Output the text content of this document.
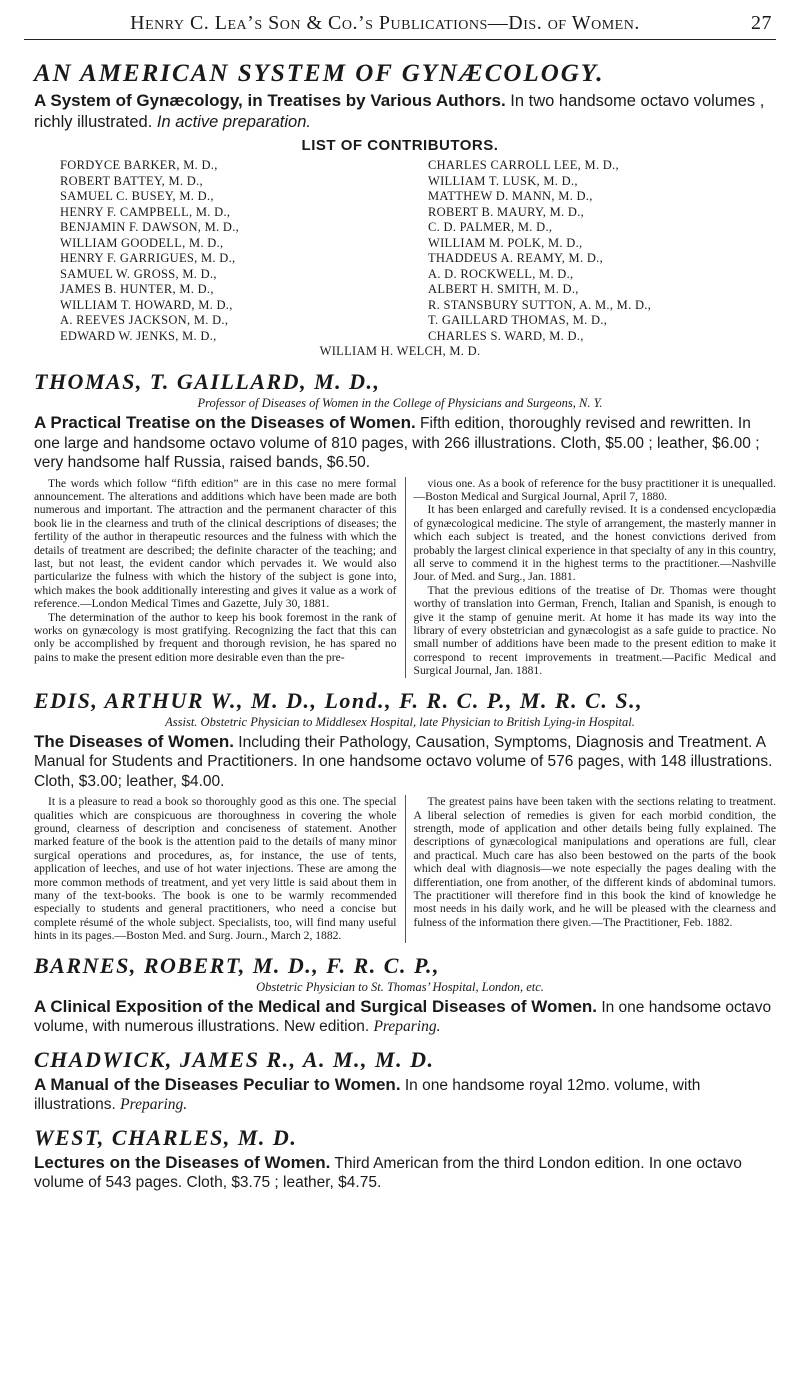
Henry C. Lea’s Son & Co.’s Publications—Dis. of Women.	27
AN AMERICAN SYSTEM OF GYNÆCOLOGY.
A System of Gynæcology, in Treatises by Various Authors. In two handsome octavo volumes , richly illustrated. In active preparation.
LIST OF CONTRIBUTORS.
FORDYCE BARKER, M. D.,
ROBERT BATTEY, M. D.,
SAMUEL C. BUSEY, M. D.,
HENRY F. CAMPBELL, M. D.,
BENJAMIN F. DAWSON, M. D.,
WILLIAM GOODELL, M. D.,
HENRY F. GARRIGUES, M. D.,
SAMUEL W. GROSS, M. D.,
JAMES B. HUNTER, M. D.,
WILLIAM T. HOWARD, M. D.,
A. REEVES JACKSON, M. D.,
EDWARD W. JENKS, M. D.,
CHARLES CARROLL LEE, M. D.,
WILLIAM T. LUSK, M. D.,
MATTHEW D. MANN, M. D.,
ROBERT B. MAURY, M. D.,
C. D. PALMER, M. D.,
WILLIAM M. POLK, M. D.,
THADDEUS A. REAMY, M. D.,
A. D. ROCKWELL, M. D.,
ALBERT H. SMITH, M. D.,
R. STANSBURY SUTTON, A. M., M. D.,
T. GAILLARD THOMAS, M. D.,
CHARLES S. WARD, M. D.,
WILLIAM H. WELCH, M. D.
THOMAS, T. GAILLARD, M. D.,
Professor of Diseases of Women in the College of Physicians and Surgeons, N. Y.
A Practical Treatise on the Diseases of Women. Fifth edition, thoroughly revised and rewritten. In one large and handsome octavo volume of 810 pages, with 266 illustrations. Cloth, $5.00 ; leather, $6.00 ; very handsome half Russia, raised bands, $6.50.

The words which follow “fifth edition” are in this case no mere formal announcement. The alterations and additions which have been made are both numerous and important. The attraction and the permanent character of this book lie in the clearness and truth of the clinical descriptions of diseases; the fertility of the author in therapeutic resources and the fulness with which the details of treatment are described; the definite character of the teaching; and last, but not least, the evident candor which pervades it. We would also particularize the fulness with which the history of the subject is gone into, which makes the book additionally interesting and gives it value as a work of reference.—London Medical Times and Gazette, July 30, 1881.

The determination of the author to keep his book foremost in the rank of works on gynæcology is most gratifying. Recognizing the fact that this can only be accomplished by frequent and thorough revision, he has spared no pains to make the present edition more desirable even than the pre-

vious one. As a book of reference for the busy practitioner it is unequalled.—Boston Medical and Surgical Journal, April 7, 1880.

It has been enlarged and carefully revised. It is a condensed encyclopædia of gynæcological medicine. The style of arrangement, the masterly manner in which each subject is treated, and the honest convictions derived from probably the largest clinical experience in that specialty of any in this country, all serve to commend it in the highest terms to the practitioner.—Nashville Jour. of Med. and Surg., Jan. 1881.

That the previous editions of the treatise of Dr. Thomas were thought worthy of translation into German, French, Italian and Spanish, is enough to give it the stamp of genuine merit. At home it has made its way into the library of every obstetrician and gynæcologist as a safe guide to practice. No small number of additions have been made to the present edition to make it correspond to recent improvements in treatment.—Pacific Medical and Surgical Journal, Jan. 1881.

EDIS, ARTHUR W., M. D., Lond., F. R. C. P., M. R. C. S.,
Assist. Obstetric Physician to Middlesex Hospital, late Physician to British Lying-in Hospital.
The Diseases of Women. Including their Pathology, Causation, Symptoms, Diagnosis and Treatment. A Manual for Students and Practitioners. In one handsome octavo volume of 576 pages, with 148 illustrations. Cloth, $3.00; leather, $4.00.

It is a pleasure to read a book so thoroughly good as this one. The special qualities which are conspicuous are thoroughness in covering the whole ground, clearness of description and conciseness of statement. Another marked feature of the book is the attention paid to the details of many minor surgical operations and procedures, as, for instance, the use of tents, application of leeches, and use of hot water injections. These are among the more common methods of treatment, and yet very little is said about them in many of the text-books. The book is one to be warmly recommended especially to students and general practitioners, who need a concise but complete résumé of the whole subject. Specialists, too, will find many useful hints in its pages.—Boston Med. and Surg. Journ., March 2, 1882.

The greatest pains have been taken with the sections relating to treatment. A liberal selection of remedies is given for each morbid condition, the strength, mode of application and other details being fully explained. The descriptions of gynæcological manipulations and operations are full, clear and practical. Much care has also been bestowed on the parts of the book which deal with diagnosis—we note especially the pages dealing with the differentiation, one from another, of the different kinds of abdominal tumors. The practitioner will therefore find in this book the kind of knowledge he most needs in his daily work, and he will be pleased with the clearness and fulness of the information there given.—The Practitioner, Feb. 1882.

BARNES, ROBERT, M. D., F. R. C. P.,
Obstetric Physician to St. Thomas’ Hospital, London, etc.
A Clinical Exposition of the Medical and Surgical Diseases of Women. In one handsome octavo volume, with numerous illustrations. New edition. Preparing.
CHADWICK, JAMES R., A. M., M. D.
A Manual of the Diseases Peculiar to Women. In one handsome royal 12mo. volume, with illustrations. Preparing.
WEST, CHARLES, M. D.
Lectures on the Diseases of Women. Third American from the third London edition. In one octavo volume of 543 pages. Cloth, $3.75 ; leather, $4.75.
